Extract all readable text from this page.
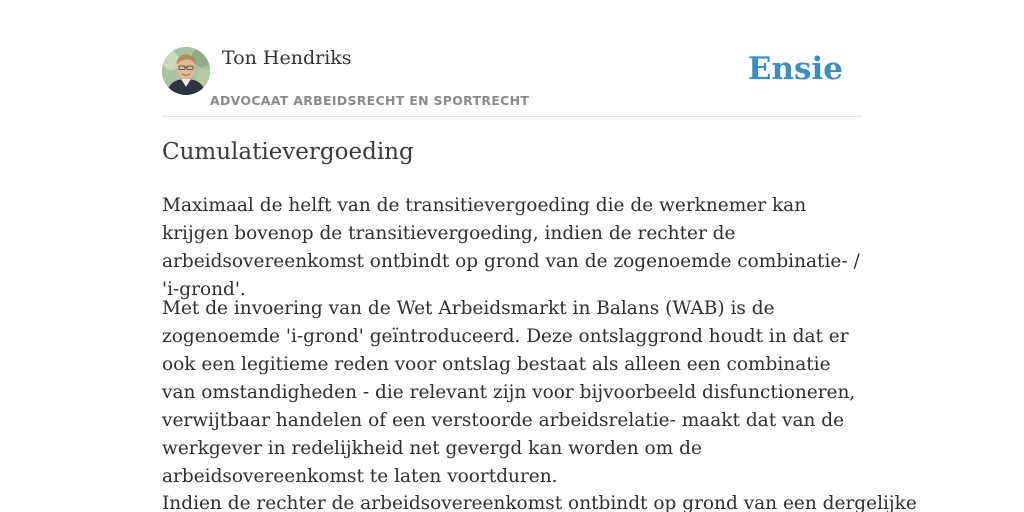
Ton Hendriks
ADVOCAAT ARBEIDSRECHT EN SPORTRECHT
Ensie
Cumulatievergoeding
Maximaal de helft van de transitievergoeding die de werknemer kan krijgen bovenop de transitievergoeding, indien de rechter de arbeidsovereenkomst ontbindt op grond van de zogenoemde combinatie- / 'i-grond'.
Met de invoering van de Wet Arbeidsmarkt in Balans (WAB) is de zogenoemde 'i-grond' geïntroduceerd. Deze ontslaggrond houdt in dat er ook een legitieme reden voor ontslag bestaat als alleen een combinatie van omstandigheden - die relevant zijn voor bijvoorbeeld disfunctioneren, verwijtbaar handelen of een verstoorde arbeidsrelatie- maakt dat van de werkgever in redelijkheid net gevergd kan worden om de arbeidsovereenkomst te laten voortduren.
Indien de rechter de arbeidsovereenkomst ontbindt op grond van een dergelijke
